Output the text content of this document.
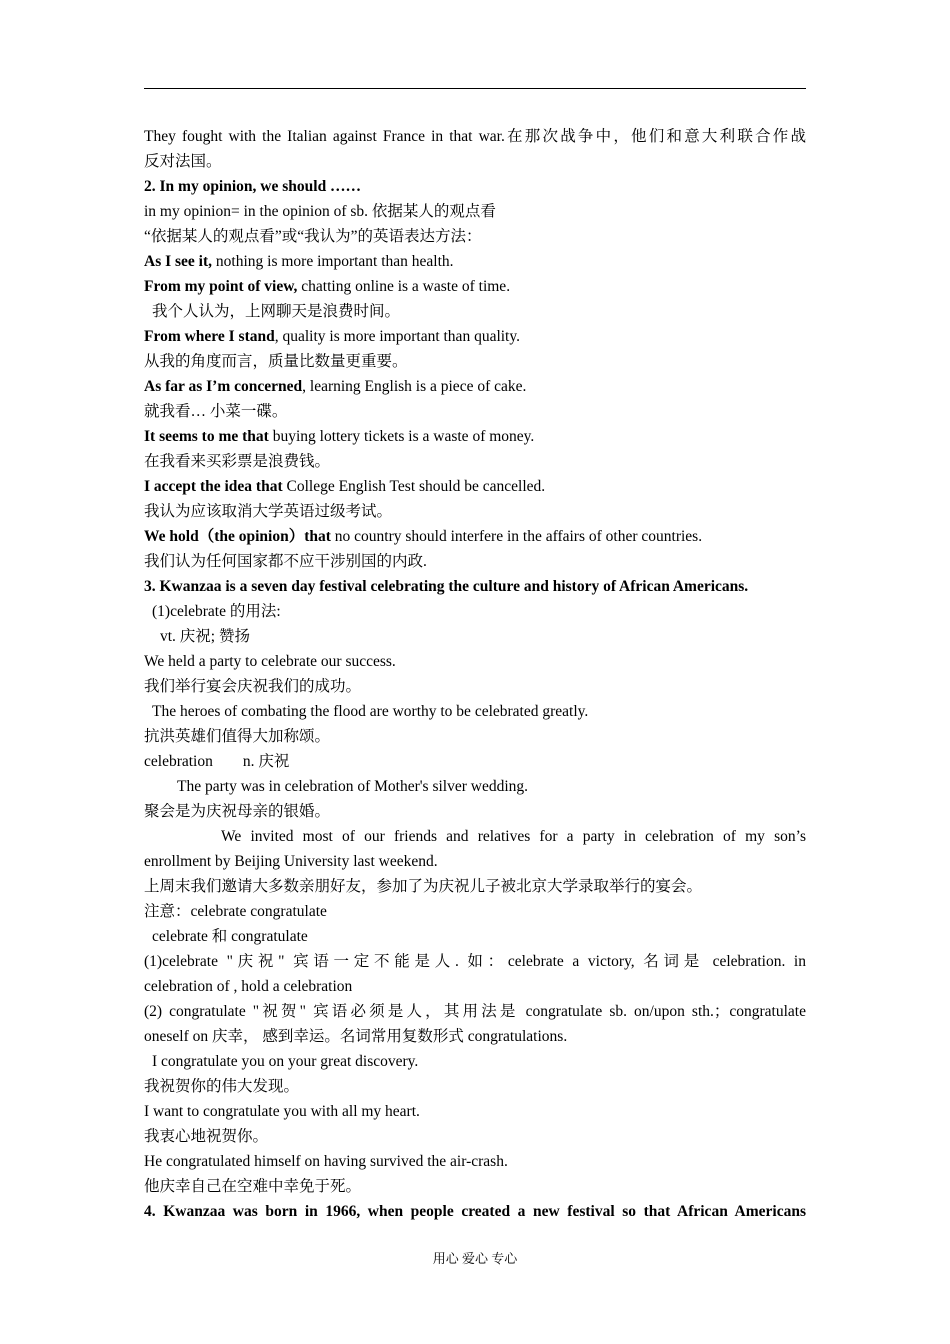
They fought with the Italian against France in that war.在那次战争中，他们和意大利联合作战
反对法国。
2. In my opinion, we should ……
in my opinion= in the opinion of sb. 依据某人的观点看
“依据某人的观点看”或“我认为”的英语表达方法：
As I see it, nothing is more important than health.
From my point of view, chatting online is a waste of time.
我个人认为，上网聊天是浪费时间。
From where I stand, quality is more important than quality.
从我的角度而言，质量比数量更重要。
As far as I’m concerned, learning English is a piece of cake.
就我看… 小菜一碟。
It seems to me that buying lottery tickets is a waste of money.
在我看来买彩票是浪费钱。
I accept the idea that College English Test should be cancelled.
我认为应该取消大学英语过级考试。
We hold（the opinion）that no country should interfere in the affairs of other countries.
我们认为任何国家都不应干涉别国的内政.
3. Kwanzaa is a seven day festival celebrating the culture and history of African Americans.
(1)celebrate 的用法:
vt. 庆祝; 赞扬
We held a party to celebrate our success.
我们举行宴会庆祝我们的成功。
The heroes of combating the flood are worthy to be celebrated greatly.
抗洪英雄们值得大加称颂。
celebration n. 庆祝
The party was in celebration of Mother's silver wedding.
聚会是为庆祝母亲的银婚。
We invited most of our friends and relatives for a party in celebration of my son’s
enrollment by Beijing University last weekend.
上周末我们邀请大多数亲朋好友，参加了为庆祝儿子被北京大学录取举行的宴会。
注意：celebrate congratulate
celebrate 和 congratulate
(1)celebrate "庆祝" 宾语一定不能是人. 如：celebrate a victory, 名词是 celebration. in
celebration of , hold a celebration
(2) congratulate "祝贺" 宾语必须是人，其用法是 congratulate sb. on/upon sth.；congratulate
oneself on 庆幸， 感到幸运。名词常用复数形式 congratulations.
I congratulate you on your great discovery.
我祝贺你的伟大发现。
I want to congratulate you with all my heart.
我衷心地祝贺你。
He congratulated himself on having survived the air-crash.
他庆幸自己在空难中幸免于死。
4. Kwanzaa was born in 1966, when people created a new festival so that African Americans
用心 爱心 专心
